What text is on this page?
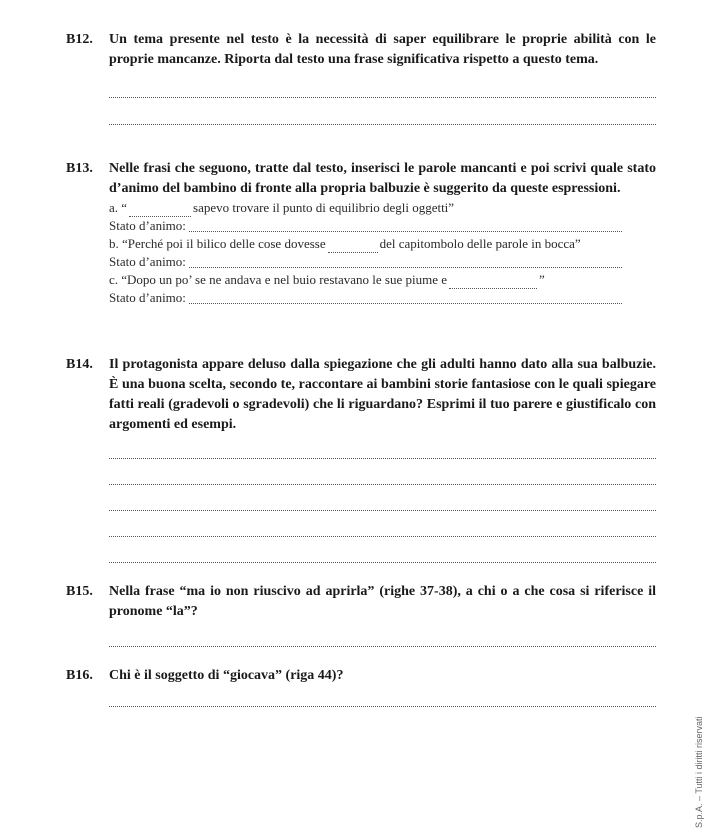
B12. Un tema presente nel testo è la necessità di saper equilibrare le proprie abilità con le proprie mancanze. Riporta dal testo una frase significativa rispetto a questo tema.

B13. Nelle frasi che seguono, tratte dal testo, inserisci le parole mancanti e poi scrivi quale stato d’animo del bambino di fronte alla propria balbuzie è suggerito da queste espressioni.

a. “	sapevo trovare il punto di equilibrio degli oggetti”
Stato d’animo:
b. “Perché poi il bilico delle cose dovesse	del capitombolo delle parole in bocca”
Stato d’animo:
c. “Dopo un po’ se ne andava e nel buio restavano le sue piume e	”
Stato d’animo:
B14. Il protagonista appare deluso dalla spiegazione che gli adulti hanno dato alla sua balbuzie. È una buona scelta, secondo te, raccontare ai bambini storie fantasiose con le quali spiegare fatti reali (gradevoli o sgradevoli) che li riguardano? Esprimi il tuo parere e giustificalo con argomenti ed esempi.

B15. Nella frase “ma io non riuscivo ad aprirla” (righe 37-38), a chi o a che cosa si riferisce il pronome “la”?

B16. Chi è il soggetto di “giocava” (riga 44)?

S.p.A. – Tutti i diritti riservati
